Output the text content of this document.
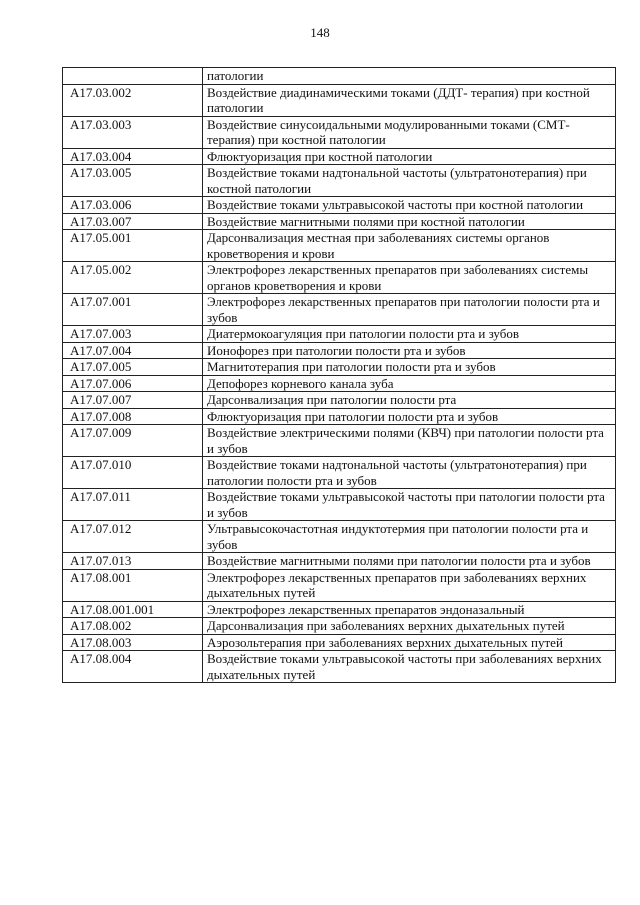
148
	патологии
A17.03.002	Воздействие диадинамическими токами (ДДТ- терапия) при костной патологии
A17.03.003	Воздействие синусоидальными модулированными токами (СМТ-терапия) при костной патологии
A17.03.004	Флюктуоризация при костной патологии
A17.03.005	Воздействие токами надтональной частоты (ультратонотерапия) при костной патологии
A17.03.006	Воздействие токами ультравысокой частоты при костной патологии
A17.03.007	Воздействие магнитными полями при костной патологии
A17.05.001	Дарсонвализация местная при заболеваниях системы органов кроветворения и крови
A17.05.002	Электрофорез лекарственных препаратов при заболеваниях системы органов кроветворения и крови
A17.07.001	Электрофорез лекарственных препаратов при патологии полости рта и зубов
A17.07.003	Диатермокоагуляция при патологии полости рта и зубов
A17.07.004	Ионофорез при патологии полости рта и зубов
A17.07.005	Магнитотерапия при патологии полости рта и зубов
A17.07.006	Депофорез корневого канала зуба
A17.07.007	Дарсонвализация при патологии полости рта
A17.07.008	Флюктуоризация при патологии полости рта и зубов
A17.07.009	Воздействие электрическими полями (КВЧ) при патологии полости рта и зубов
A17.07.010	Воздействие токами надтональной частоты (ультратонотерапия) при патологии полости рта и зубов
A17.07.011	Воздействие токами ультравысокой частоты при патологии полости рта и зубов
A17.07.012	Ультравысокочастотная индуктотермия при патологии полости рта и зубов
A17.07.013	Воздействие магнитными полями при патологии полости рта и зубов
A17.08.001	Электрофорез лекарственных препаратов при заболеваниях верхних дыхательных путей
A17.08.001.001	Электрофорез лекарственных препаратов эндоназальный
A17.08.002	Дарсонвализация при заболеваниях верхних дыхательных путей
A17.08.003	Аэрозольтерапия при заболеваниях верхних дыхательных путей
A17.08.004	Воздействие токами ультравысокой частоты при заболеваниях верхних дыхательных путей
